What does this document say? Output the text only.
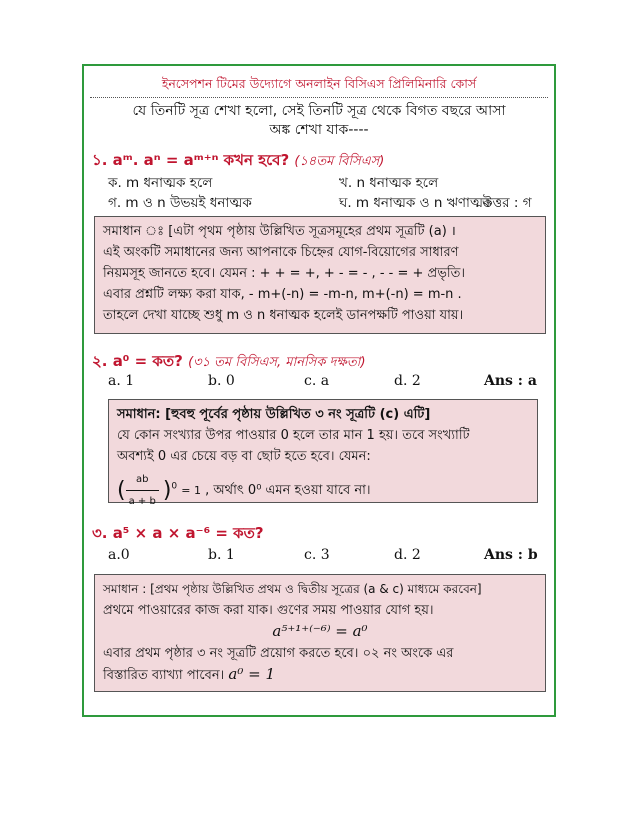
ইনসেপশন টিমের উদ্যোগে অনলাইন বিসিএস প্রিলিমিনারি কোর্স
যে তিনটি সূত্র শেখা হলো, সেই তিনটি সূত্র থেকে বিগত বছরে আসা
অঙ্ক শেখা যাক----
১. aᵐ. aⁿ = aᵐ⁺ⁿ কখন হবে? (১৪তম বিসিএস)
ক. m ধনাত্মক হলে	খ. n ধনাত্মক হলে
গ. m ও n উভয়ই ধনাত্মক	ঘ. m ধনাত্মক ও n ঋণাত্মক
উত্তর : গ

সমাধান ঃ [এটা পৃথম পৃষ্ঠায় উল্লিখিত সূত্রসমূহের প্রথম সূত্রটি (a) ।

এই অংকটি সমাধানের জন্য আপনাকে চিহ্নের যোগ-বিয়োগের সাধারণ

নিয়মসূহ জানতে হবে। যেমন : + + = +, + - = - , - - = + প্রভৃতি।

এবার প্রশ্নটি লক্ষ্য করা যাক, - m+(-n) = -m-n, m+(-n) = m-n .

তাহলে দেখা যাচ্ছে শুধু m ও n ধনাত্মক হলেই ডানপক্ষটি পাওয়া যায়।

২. a⁰ = কত? (৩১ তম বিসিএস, মানসিক দক্ষতা)
a. 1	b. 0	c. a	d. 2	Ans : a

সমাধান: [হুবহু পূর্বের পৃষ্ঠায় উল্লিখিত ৩ নং সূত্রটি (c) এটি]

যে কোন সংখ্যার উপর পাওয়ার 0 হলে তার মান 1 হয়। তবে সংখ্যাটি

অবশ্যই 0 এর চেয়ে বড় বা ছোট হতে হবে। যেমন:

( $\frac{ab}{a + b} )^0 = 1$ , অর্থাৎ 0⁰ এমন হওয়া যাবে না।

৩. a⁵ × a × a⁻⁶ = কত?
a.0	b. 1	c. 3	d. 2	Ans : b

সমাধান : [প্রথম পৃষ্ঠায় উল্লিখিত প্রথম ও দ্বিতীয় সূত্রের (a & c) মাধ্যমে করবেন]

প্রথমে পাওয়ারের কাজ করা যাক। গুণের সময় পাওয়ার যোগ হয়।

a⁵⁺¹⁺⁽⁻⁶⁾ = a⁰

এবার প্রথম পৃষ্ঠার ৩ নং সূত্রটি প্রয়োগ করতে হবে। ০২ নং অংকে এর

বিস্তারিত ব্যাখ্যা পাবেন। a⁰ = 1
